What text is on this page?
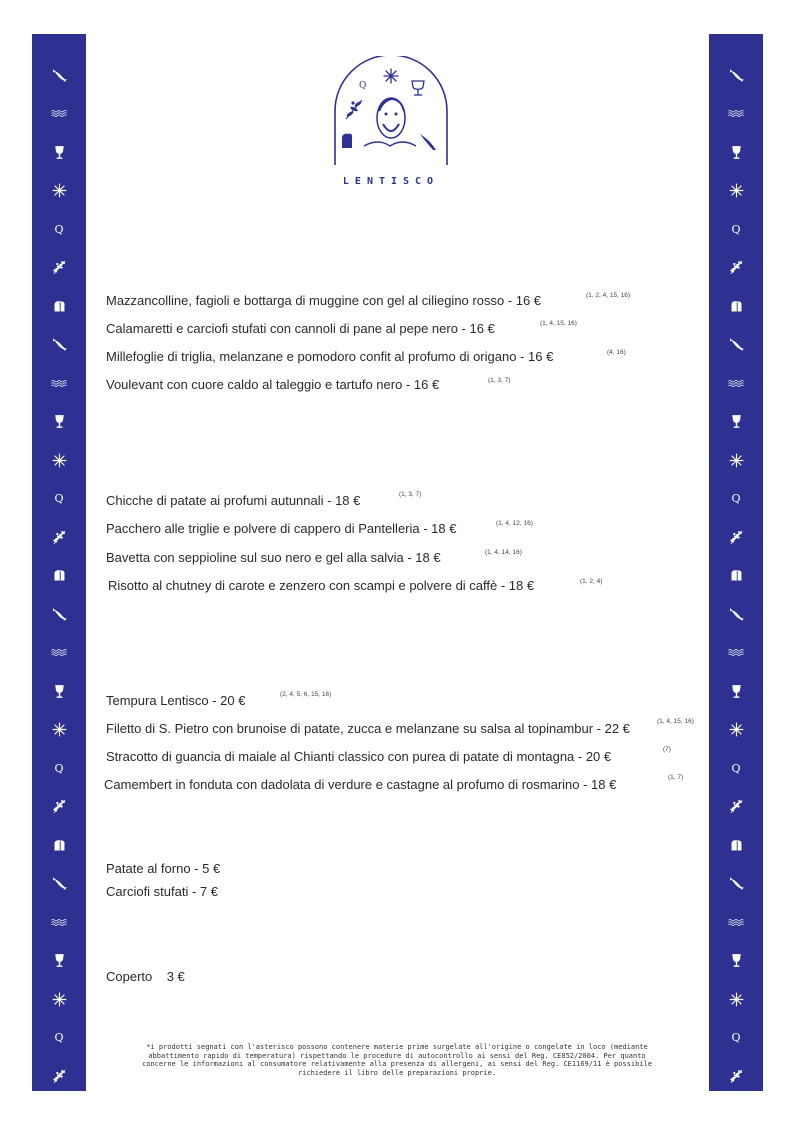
Q
Q
Q
Q
Q
Q
Q
Q
Q
LENTISCO
Mazzancolline, fagioli e bottarga di muggine con gel al ciliegino rosso - 16 €	(1, 2, 4, 15, 16)
Calamaretti e carciofi stufati con cannoli di pane al pepe nero - 16 €	(1, 4, 15, 16)
Millefoglie di triglia, melanzane e pomodoro confit al profumo di origano - 16 €	(4, 16)
Voulevant con cuore caldo al taleggio e tartufo nero - 16 €	(1, 3, 7)
Chicche di patate ai profumi autunnali - 18 €	(1, 3, 7)
Pacchero alle triglie e polvere di cappero di Pantelleria - 18 €	(1, 4, 12, 16)
Bavetta con seppioline sul suo nero e gel alla salvia - 18 €	(1, 4, 14, 16)
Risotto al chutney di carote e zenzero con scampi e polvere di caffè - 18 €	(1, 2, 4)
Tempura Lentisco - 20 €	(2, 4, 5, 6, 15, 16)
Filetto di S. Pietro con brunoise di patate, zucca e melanzane su salsa al topinambur - 22 €	(1, 4, 15, 16)
Stracotto di guancia di maiale al Chianti classico con purea di patate di montagna - 20 €	(7)
Camembert in fonduta con dadolata di verdure e castagne al profumo di rosmarino - 18 €	(1, 7)
Patate al forno - 5 €
Carciofi stufati - 7 €
Coperto    3 €
*i prodotti segnati con l'asterisco possono contenere materie prime surgelate all'origine o congelate in loco (mediante
abbattimento rapido di temperatura) rispettando le procedure di autocontrollo ai sensi del Reg. CE852/2004. Per quanto
concerne le informazioni al consumatore relativamente alla presenza di allergeni, ai sensi del Reg. CE1169/11 è possibile
richiedere il libro delle preparazioni proprie.
